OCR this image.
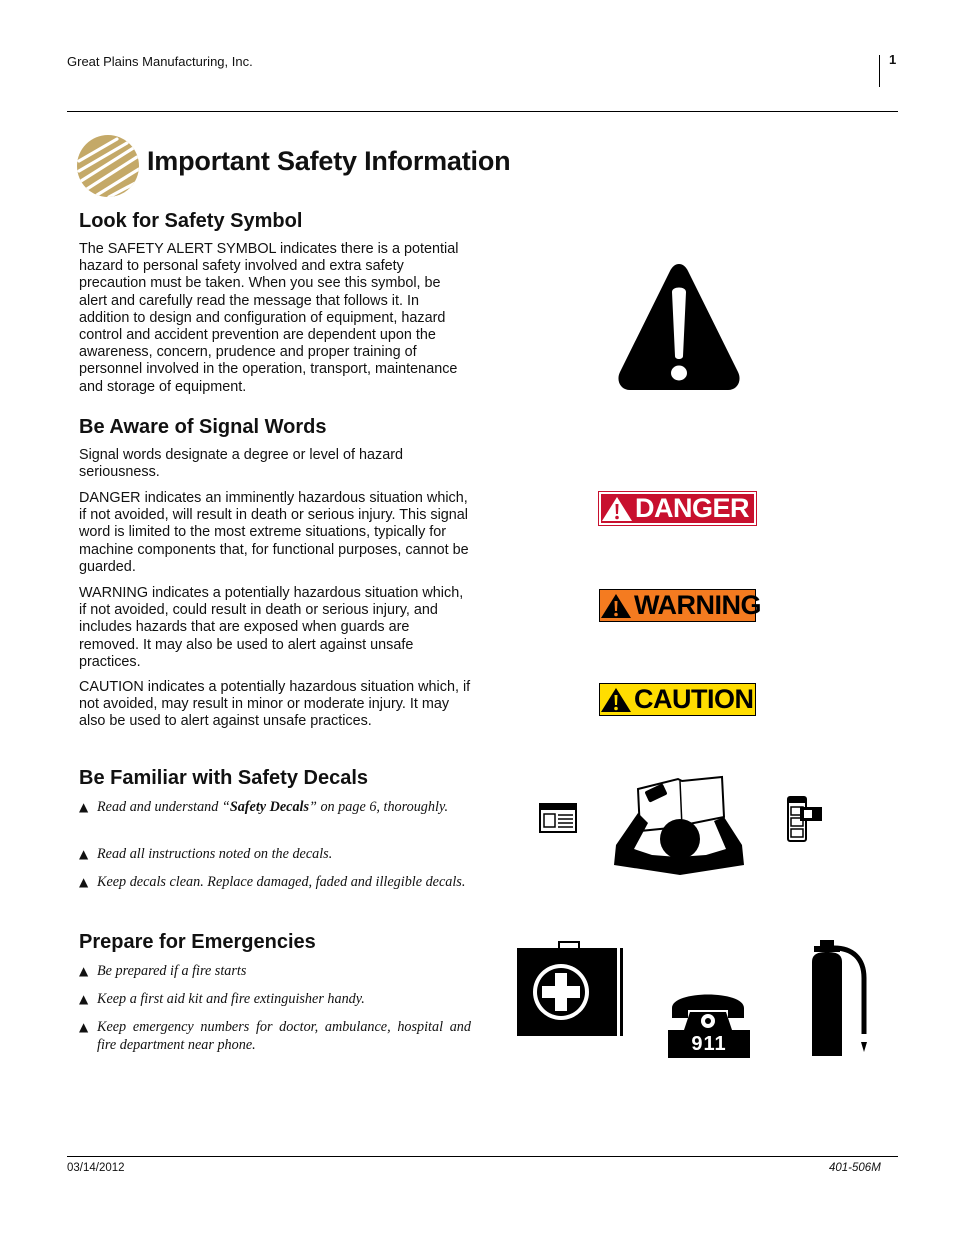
Great Plains Manufacturing, Inc.	1
Important Safety Information
Look for Safety Symbol

The SAFETY ALERT SYMBOL indicates there is a potential hazard to personal safety involved and extra safety precaution must be taken. When you see this symbol, be alert and carefully read the message that follows it. In addition to design and configuration of equipment, hazard control and accident prevention are dependent upon the awareness, concern, prudence and proper training of personnel involved in the operation, transport, maintenance and storage of equipment.

Be Aware of Signal Words

Signal words designate a degree or level of hazard seriousness.

DANGER indicates an imminently hazardous situation which, if not avoided, will result in death or serious injury. This signal word is limited to the most extreme situations, typically for machine components that, for functional purposes, cannot be guarded.

WARNING indicates a potentially hazardous situation which, if not avoided, could result in death or serious injury, and includes hazards that are exposed when guards are removed. It may also be used to alert against unsafe practices.

CAUTION indicates a potentially hazardous situation which, if not avoided, may result in minor or moderate injury. It may also be used to alert against unsafe practices.

Be Familiar with Safety Decals

▲ Read and understand “Safety Decals” on page 6, thoroughly.

▲ Read all instructions noted on the decals.

▲ Keep decals clean. Replace damaged, faded and illegible decals.

Prepare for Emergencies

▲ Be prepared if a fire starts

▲ Keep a first aid kit and fire extinguisher handy.

▲ Keep emergency numbers for doctor, ambulance, hospital and fire department near phone.

DANGER
WARNING
CAUTION
911
03/14/2012	401-506M
